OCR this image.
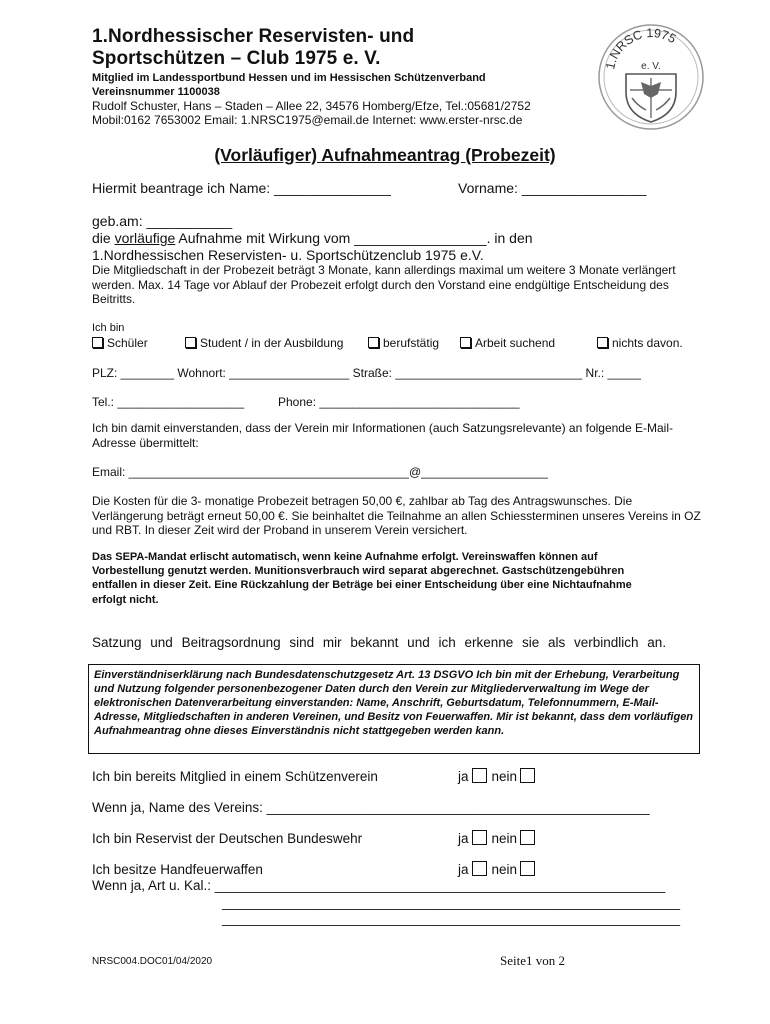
1.Nordhessischer Reservisten- und
Sportschützen – Club 1975 e. V.
Mitglied im Landessportbund Hessen und im Hessischen Schützenverband
Vereinsnummer 1100038
Rudolf Schuster, Hans – Staden – Allee 22, 34576 Homberg/Efze, Tel.:05681/2752
Mobil:0162 7653002 Email: 1.NRSC1975@email.de Internet: www.erster-nrsc.de
1.NRSC 1975
e. V.
(Vorläufiger) Aufnahmeantrag (Probezeit)
Hiermit beantrage ich Name: _______________	Vorname: ________________
geb.am: ___________
die vorläufige Aufnahme mit Wirkung vom _________________. in den
1.Nordhessischen Reservisten- u. Sportschützenclub 1975 e.V.
Die Mitgliedschaft in der Probezeit beträgt 3 Monate, kann allerdings maximal um weitere 3 Monate verlängert werden. Max. 14 Tage vor Ablauf der Probezeit erfolgt durch den Vorstand eine endgültige Entscheidung des Beitritts.
Ich bin
Schüler	Student / in der Ausbildung	berufstätig	Arbeit suchend	nichts davon.
PLZ: ________ Wohnort: __________________ Straße: ____________________________ Nr.: _____
Tel.: ___________________	Phone: ______________________________
Ich bin damit einverstanden, dass der Verein mir Informationen (auch Satzungsrelevante) an folgende E-Mail-Adresse übermittelt:
Email: __________________________________________@___________________
Die Kosten für die 3- monatige Probezeit betragen 50,00 €, zahlbar ab Tag des Antragswunsches. Die Verlängerung beträgt erneut 50,00 €. Sie beinhaltet die Teilnahme an allen Schiessterminen unseres Vereins in OZ und RBT. In dieser Zeit wird der Proband in unserem Verein versichert.
Das SEPA-Mandat erlischt automatisch, wenn keine Aufnahme erfolgt. Vereinswaffen können auf Vorbestellung genutzt werden. Munitionsverbrauch wird separat abgerechnet. Gastschützengebühren entfallen in dieser Zeit. Eine Rückzahlung der Beträge bei einer Entscheidung über eine Nichtaufnahme erfolgt nicht.
Satzung und Beitragsordnung sind mir bekannt und ich erkenne sie als verbindlich an.
Einverständniserklärung nach Bundesdatenschutzgesetz Art. 13 DSGVO Ich bin mit der Erhebung, Verarbeitung und Nutzung folgender personenbezogener Daten durch den Verein zur Mitgliederverwaltung im Wege der elektronischen Datenverarbeitung einverstanden: Name, Anschrift, Geburtsdatum, Telefonnummern, E-Mail-Adresse, Mitgliedschaften in anderen Vereinen, und Besitz von Feuerwaffen. Mir ist bekannt, dass dem vorläufigen Aufnahmeantrag ohne dieses Einverständnis nicht stattgegeben werden kann.
Ich bin bereits Mitglied in einem Schützenverein	ja nein
Wenn ja, Name des Vereins: ___________________________________________________
Ich bin Reservist der Deutschen Bundeswehr	ja nein
Ich besitze Handfeuerwaffen	ja nein
Wenn ja, Art u. Kal.: ____________________________________________________________
_____________________________________________________________
_____________________________________________________________
NRSC004.DOC01/04/2020	Seite1 von 2
